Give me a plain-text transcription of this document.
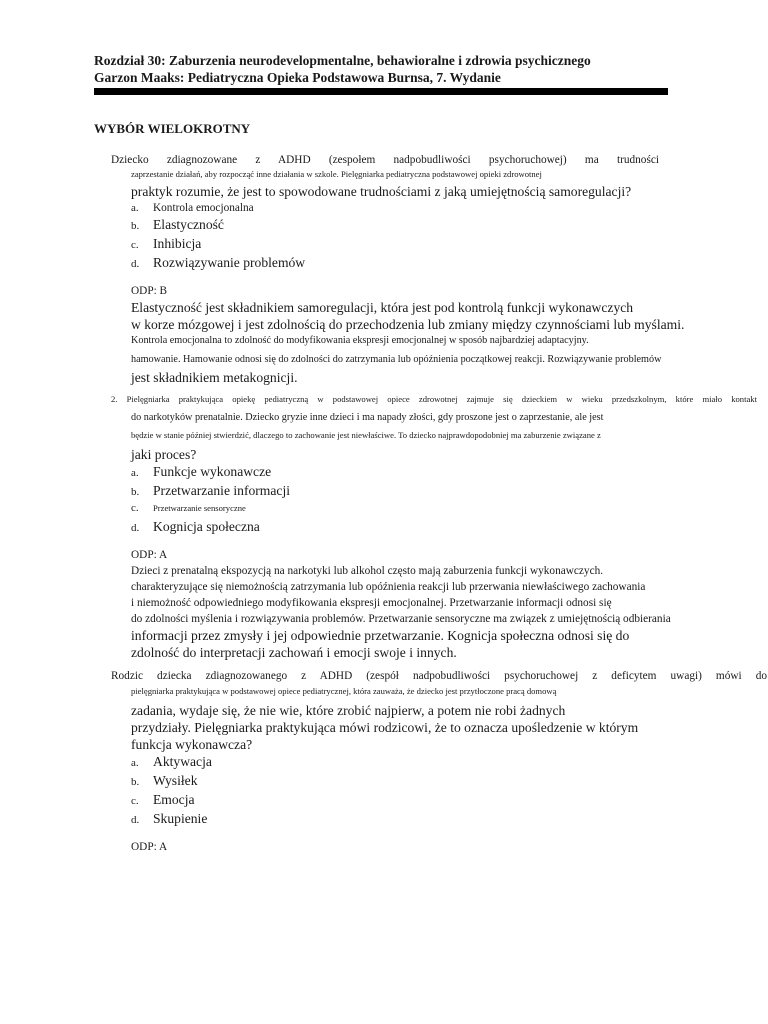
Rozdział 30: Zaburzenia neurodevelopmentalne, behawioralne i zdrowia psychicznego
Garzon Maaks: Pediatryczna Opieka Podstawowa Burnsa, 7. Wydanie
WYBÓR WIELOKROTNY
Dziecko zdiagnozowane z ADHD (zespołem nadpobudliwości psychoruchowej) ma trudności
zaprzestanie działań, aby rozpocząć inne działania w szkole. Pielęgniarka pediatryczna podstawowej opieki zdrowotnej
praktyk rozumie, że jest to spowodowane trudnościami z jaką umiejętnością samoregulacji?
a.	Kontrola emocjonalna
b.	Elastyczność
c.	Inhibicja
d.	Rozwiązywanie problemów
ODP: B
Elastyczność jest składnikiem samoregulacji, która jest pod kontrolą funkcji wykonawczych
w korze mózgowej i jest zdolnością do przechodzenia lub zmiany między czynnościami lub myślami.
Kontrola emocjonalna to zdolność do modyfikowania ekspresji emocjonalnej w sposób najbardziej adaptacyjny.
hamowanie. Hamowanie odnosi się do zdolności do zatrzymania lub opóźnienia początkowej reakcji. Rozwiązywanie problemów
jest składnikiem metakognicji.
2. Pielęgniarka praktykująca opiekę pediatryczną w podstawowej opiece zdrowotnej zajmuje się dzieckiem w wieku przedszkolnym, które miało kontakt
do narkotyków prenatalnie. Dziecko gryzie inne dzieci i ma napady złości, gdy proszone jest o zaprzestanie, ale jest
będzie w stanie później stwierdzić, dlaczego to zachowanie jest niewłaściwe. To dziecko najprawdopodobniej ma zaburzenie związane z
jaki proces?
a.	Funkcje wykonawcze
b.	Przetwarzanie informacji
c.	Przetwarzanie sensoryczne
d.	Kognicja społeczna
ODP: A
Dzieci z prenatalną ekspozycją na narkotyki lub alkohol często mają zaburzenia funkcji wykonawczych.
charakteryzujące się niemożnością zatrzymania lub opóźnienia reakcji lub przerwania niewłaściwego zachowania
i niemożność odpowiedniego modyfikowania ekspresji emocjonalnej. Przetwarzanie informacji odnosi się
do zdolności myślenia i rozwiązywania problemów. Przetwarzanie sensoryczne ma związek z umiejętnością odbierania
informacji przez zmysły i jej odpowiednie przetwarzanie. Kognicja społeczna odnosi się do
zdolność do interpretacji zachowań i emocji swoje i innych.
Rodzic dziecka zdiagnozowanego z ADHD (zespół nadpobudliwości psychoruchowej z deficytem uwagi) mówi do
pielęgniarka praktykująca w podstawowej opiece pediatrycznej, która zauważa, że dziecko jest przytłoczone pracą domową
zadania, wydaje się, że nie wie, które zrobić najpierw, a potem nie robi żadnych
przydziały. Pielęgniarka praktykująca mówi rodzicowi, że to oznacza upośledzenie w którym
funkcja wykonawcza?
a.	Aktywacja
b.	Wysiłek
c.	Emocja
d.	Skupienie
ODP: A
